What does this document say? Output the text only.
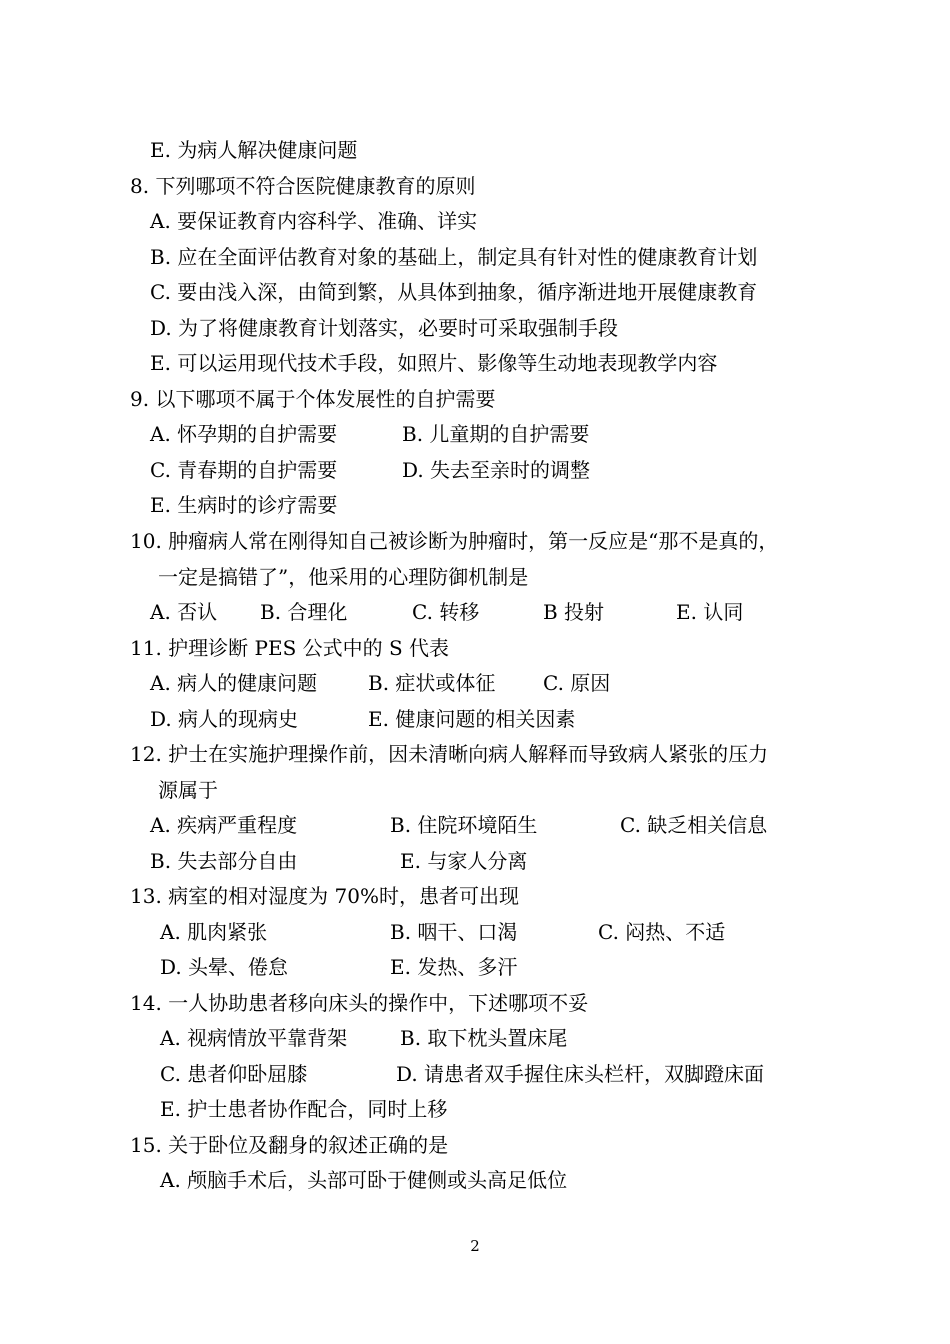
E. 为病人解决健康问题
8. 下列哪项不符合医院健康教育的原则
A. 要保证教育内容科学、准确、详实
B. 应在全面评估教育对象的基础上，制定具有针对性的健康教育计划
C. 要由浅入深，由简到繁，从具体到抽象，循序渐进地开展健康教育
D. 为了将健康教育计划落实，必要时可采取强制手段
E. 可以运用现代技术手段，如照片、影像等生动地表现教学内容
9. 以下哪项不属于个体发展性的自护需要

A. 怀孕期的自护需要

	B. 儿童期的自护需要

C. 青春期的自护需要

	D. 失去至亲时的调整

E. 生病时的诊疗需要
10. 肿瘤病人常在刚得知自己被诊断为肿瘤时，第一反应是“那不是真的，
一定是搞错了”，他采用的心理防御机制是

A. 否认

B. 合理化

	C. 转移

	B 投射

	E. 认同

11. 护理诊断 PES 公式中的 S 代表

A. 病人的健康问题

	B. 症状或体征

C. 原因

D. 病人的现病史

	E. 健康问题的相关因素

12. 护士在实施护理操作前，因未清晰向病人解释而导致病人紧张的压力
源属于

A. 疾病严重程度

	B. 住院环境陌生

	C. 缺乏相关信息

B. 失去部分自由

	E. 与家人分离

13. 病室的相对湿度为 70%时，患者可出现

A. 肌肉紧张

	B. 咽干、口渴

	C. 闷热、不适

D. 头晕、倦怠

	E. 发热、多汗

14. 一人协助患者移向床头的操作中，下述哪项不妥

A. 视病情放平靠背架

	B. 取下枕头置床尾

C. 患者仰卧屈膝

	D. 请患者双手握住床头栏杆，双脚蹬床面

E. 护士患者协作配合，同时上移
15. 关于卧位及翻身的叙述正确的是
A. 颅脑手术后，头部可卧于健侧或头高足低位
2
